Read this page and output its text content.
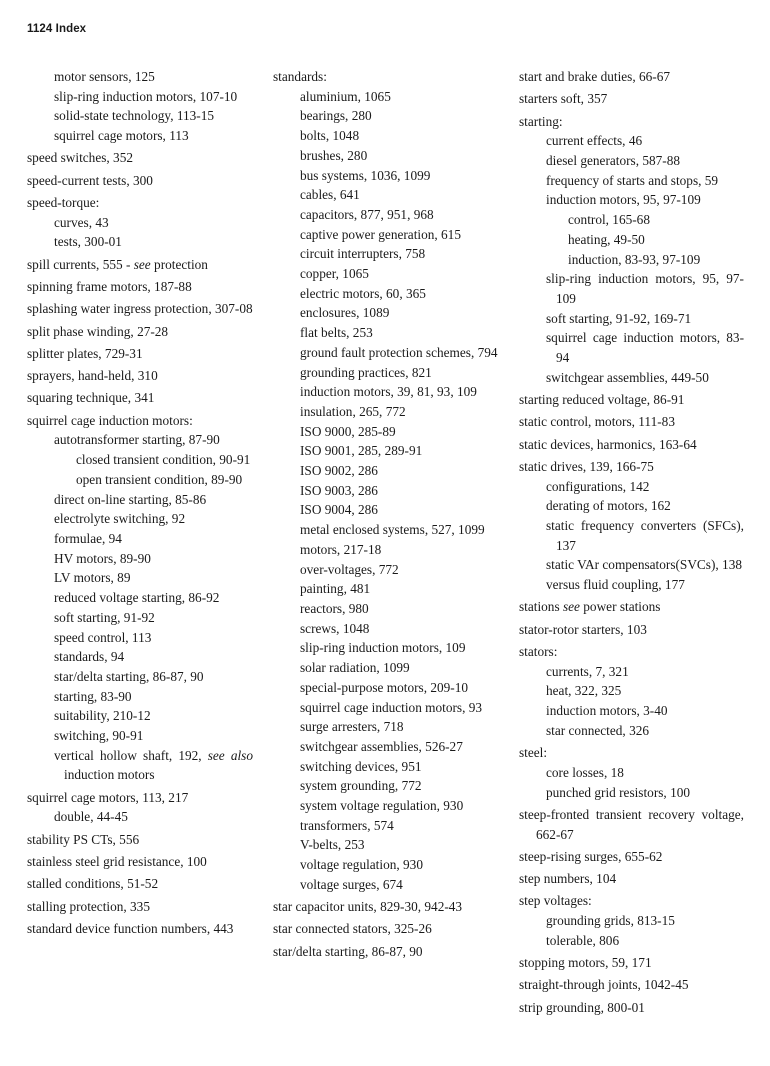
1124 Index
motor sensors, 125
slip-ring induction motors, 107-10
solid-state technology, 113-15
squirrel cage motors, 113
speed switches, 352
speed-current tests, 300
speed-torque:
curves, 43
tests, 300-01
spill currents, 555 - see protection
spinning frame motors, 187-88
splashing water ingress protection, 307-08
split phase winding, 27-28
splitter plates, 729-31
sprayers, hand-held, 310
squaring technique, 341
squirrel cage induction motors:
autotransformer starting, 87-90
closed transient condition, 90-91
open transient condition, 89-90
direct on-line starting, 85-86
electrolyte switching, 92
formulae, 94
HV motors, 89-90
LV motors, 89
reduced voltage starting, 86-92
soft starting, 91-92
speed control, 113
standards, 94
star/delta starting, 86-87, 90
starting, 83-90
suitability, 210-12
switching, 90-91
vertical hollow shaft, 192, see also induction motors
squirrel cage motors, 113, 217
double, 44-45
stability PS CTs, 556
stainless steel grid resistance, 100
stalled conditions, 51-52
stalling protection, 335
standard device function numbers, 443
standards:
aluminium, 1065
bearings, 280
bolts, 1048
brushes, 280
bus systems, 1036, 1099
cables, 641
capacitors, 877, 951, 968
captive power generation, 615
circuit interrupters, 758
copper, 1065
electric motors, 60, 365
enclosures, 1089
flat belts, 253
ground fault protection schemes, 794
grounding practices, 821
induction motors, 39, 81, 93, 109
insulation, 265, 772
ISO 9000, 285-89
ISO 9001, 285, 289-91
ISO 9002, 286
ISO 9003, 286
ISO 9004, 286
metal enclosed systems, 527, 1099
motors, 217-18
over-voltages, 772
painting, 481
reactors, 980
screws, 1048
slip-ring induction motors, 109
solar radiation, 1099
special-purpose motors, 209-10
squirrel cage induction motors, 93
surge arresters, 718
switchgear assemblies, 526-27
switching devices, 951
system grounding, 772
system voltage regulation, 930
transformers, 574
V-belts, 253
voltage regulation, 930
voltage surges, 674
star capacitor units, 829-30, 942-43
star connected stators, 325-26
star/delta starting, 86-87, 90
start and brake duties, 66-67
starters soft, 357
starting:
current effects, 46
diesel generators, 587-88
frequency of starts and stops, 59
induction motors, 95, 97-109
control, 165-68
heating, 49-50
induction, 83-93, 97-109
slip-ring induction motors, 95, 97-109
soft starting, 91-92, 169-71
squirrel cage induction motors, 83-94
switchgear assemblies, 449-50
starting reduced voltage, 86-91
static control, motors, 111-83
static devices, harmonics, 163-64
static drives, 139, 166-75
configurations, 142
derating of motors, 162
static frequency converters (SFCs), 137
static VAr compensators(SVCs), 138
versus fluid coupling, 177
stations see power stations
stator-rotor starters, 103
stators:
currents, 7, 321
heat, 322, 325
induction motors, 3-40
star connected, 326
steel:
core losses, 18
punched grid resistors, 100
steep-fronted transient recovery voltage, 662-67
steep-rising surges, 655-62
step numbers, 104
step voltages:
grounding grids, 813-15
tolerable, 806
stopping motors, 59, 171
straight-through joints, 1042-45
strip grounding, 800-01
